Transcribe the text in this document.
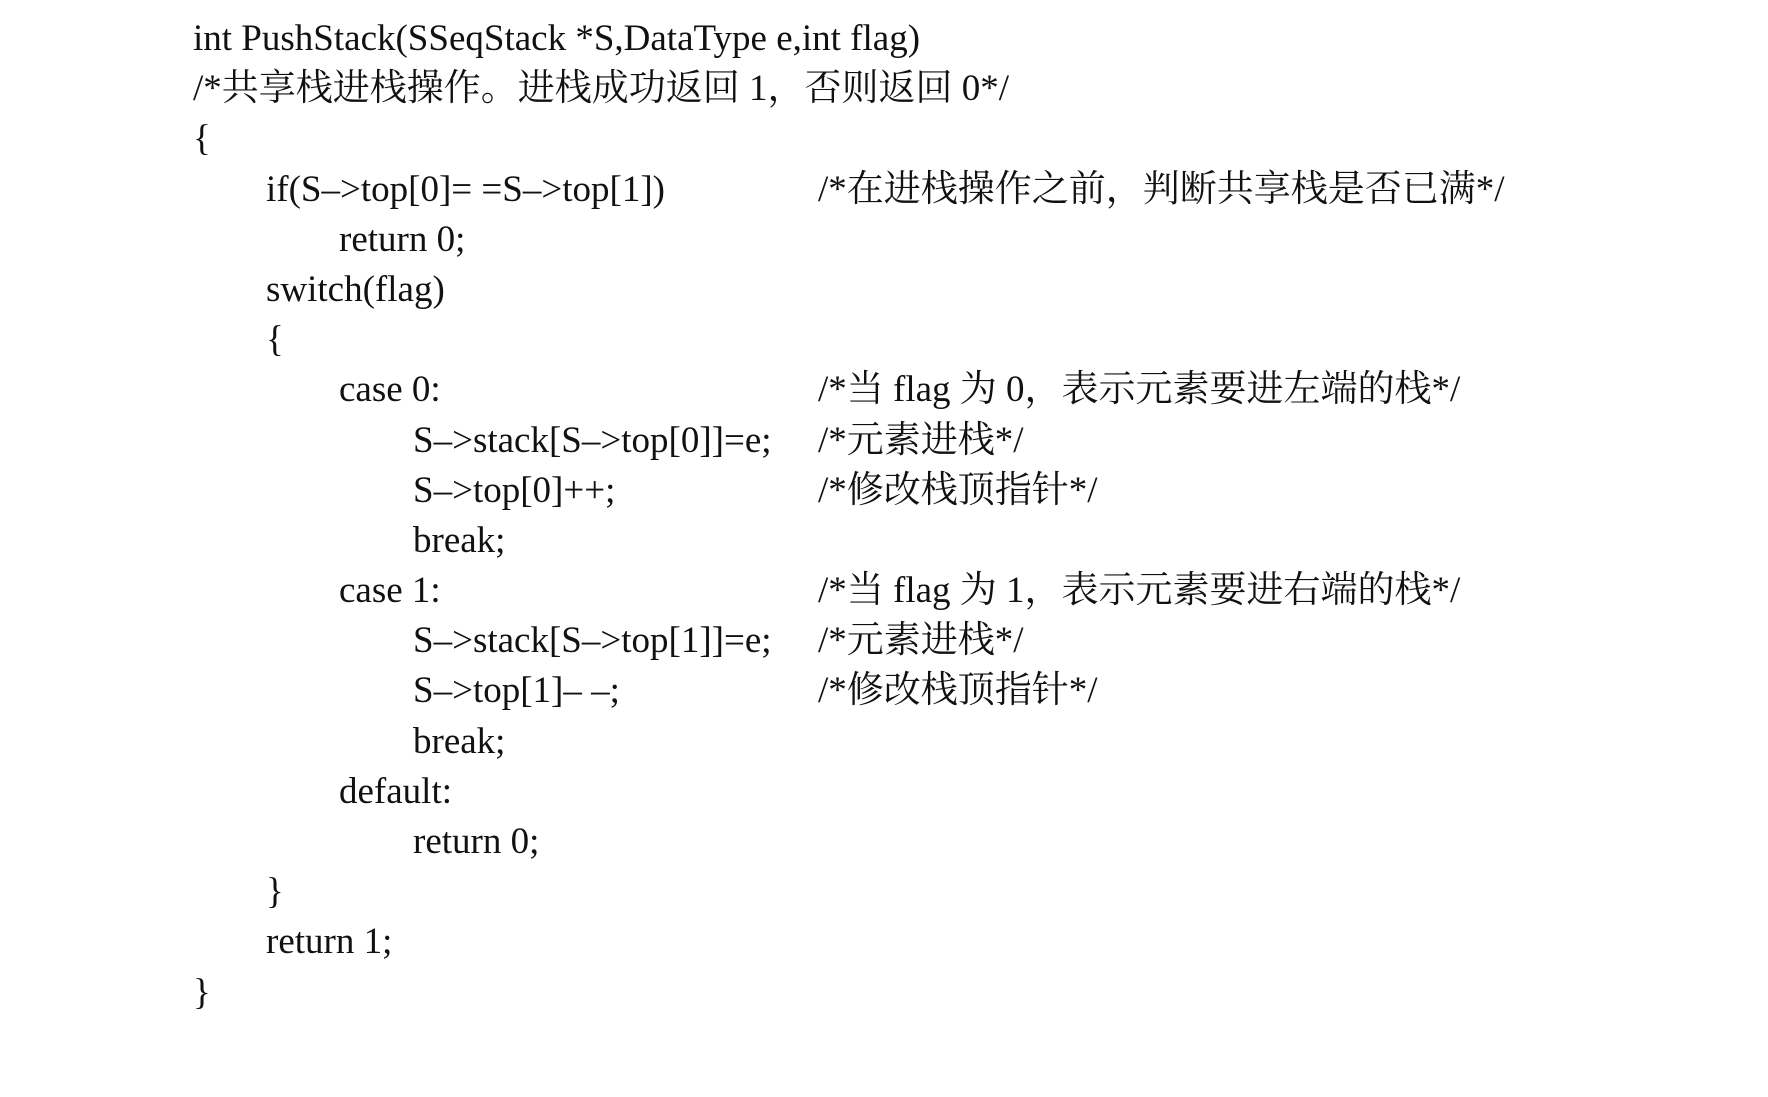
int PushStack(SSeqStack *S,DataType e,int flag)

/*共享栈进栈操作。进栈成功返回 1，否则返回 0*/

{

if(S–>top[0]= =S–>top[1])

	/*在进栈操作之前，判断共享栈是否已满*/

return 0;

switch(flag)

{

case 0:

	/*当 flag 为 0，表示元素要进左端的栈*/

S–>stack[S–>top[0]]=e;

/*元素进栈*/

S–>top[0]++;

	/*修改栈顶指针*/

break;

case 1:

	/*当 flag 为 1，表示元素要进右端的栈*/

S–>stack[S–>top[1]]=e;

/*元素进栈*/

S–>top[1]– –;

	/*修改栈顶指针*/

break;

default:

return 0;

}

return 1;

}
